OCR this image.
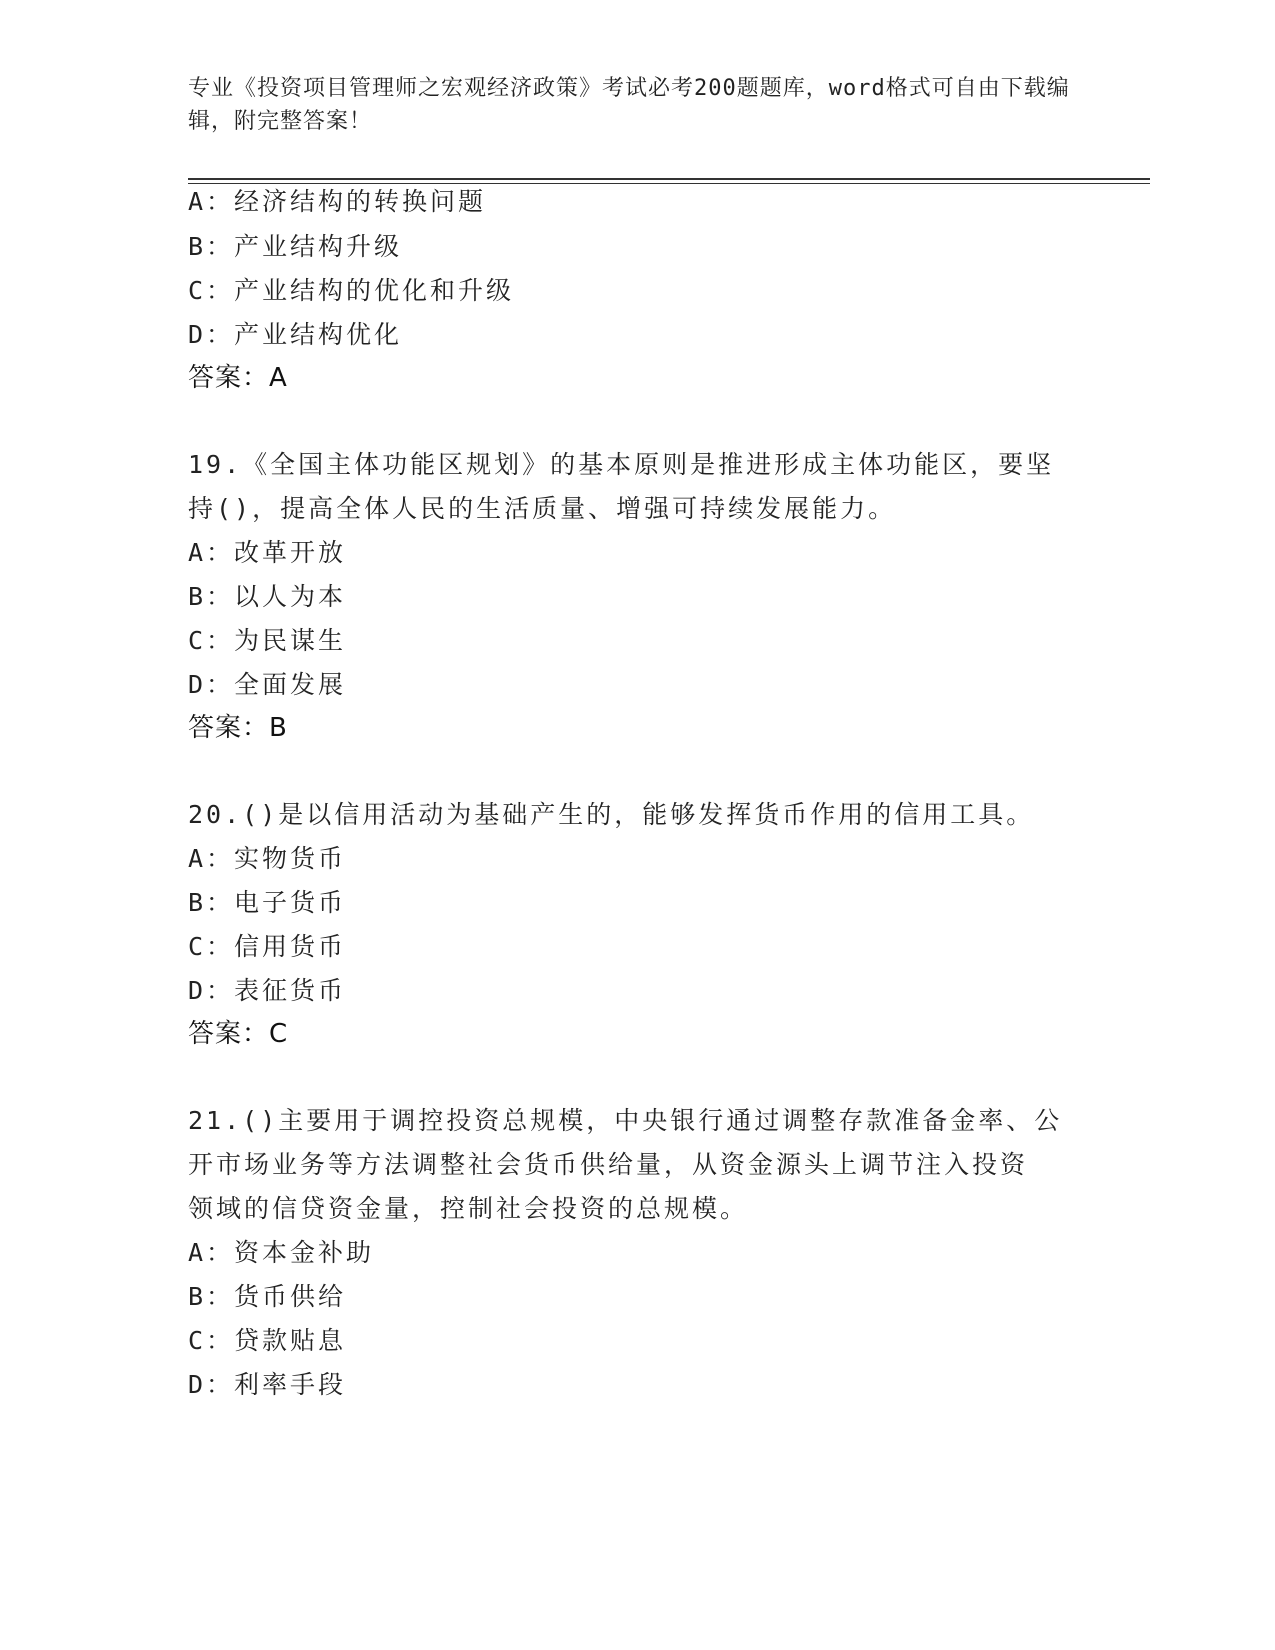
专业《投资项目管理师之宏观经济政策》考试必考200题题库，word格式可自由下载编辑，附完整答案！
A：经济结构的转换问题
B：产业结构升级
C：产业结构的优化和升级
D：产业结构优化
答案：A
19.《全国主体功能区规划》的基本原则是推进形成主体功能区，要坚
持()，提高全体人民的生活质量、增强可持续发展能力。
A：改革开放
B：以人为本
C：为民谋生
D：全面发展
答案：B
20.()是以信用活动为基础产生的，能够发挥货币作用的信用工具。
A：实物货币
B：电子货币
C：信用货币
D：表征货币
答案：C
21.()主要用于调控投资总规模，中央银行通过调整存款准备金率、公
开市场业务等方法调整社会货币供给量，从资金源头上调节注入投资
领域的信贷资金量，控制社会投资的总规模。
A：资本金补助
B：货币供给
C：贷款贴息
D：利率手段
